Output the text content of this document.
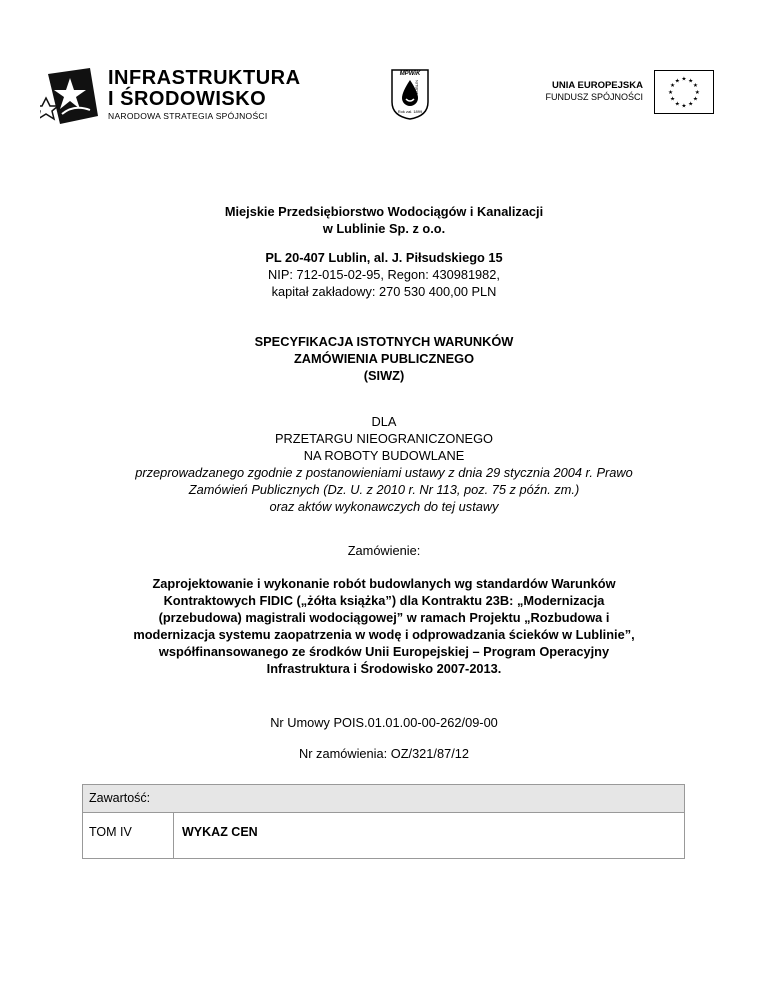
INFRASTRUKTURA
I ŚRODOWISKO
NARODOWA STRATEGIA SPÓJNOŚCI
MPWiK
LUBLIN
Rok zał. 1899
UNIA EUROPEJSKA
FUNDUSZ SPÓJNOŚCI
★ ★
★
★
★
★
★
★
★
★
★
★
Miejskie Przedsiębiorstwo Wodociągów i Kanalizacji
w Lublinie Sp. z o.o.
PL 20-407 Lublin, al. J. Piłsudskiego 15
NIP: 712-015-02-95, Regon: 430981982,
kapitał zakładowy: 270 530 400,00 PLN
SPECYFIKACJA ISTOTNYCH WARUNKÓW
ZAMÓWIENIA PUBLICZNEGO
(SIWZ)
DLA
PRZETARGU NIEOGRANICZONEGO
NA ROBOTY BUDOWLANE
przeprowadzanego zgodnie z postanowieniami ustawy z dnia 29 stycznia 2004 r. Prawo
Zamówień Publicznych (Dz. U. z 2010 r. Nr 113, poz. 75 z późn. zm.)
oraz aktów wykonawczych do tej ustawy
Zamówienie:
Zaprojektowanie i wykonanie robót budowlanych wg standardów Warunków
Kontraktowych FIDIC („żółta książka”) dla Kontraktu 23B: „Modernizacja
(przebudowa) magistrali wodociągowej” w ramach Projektu „Rozbudowa i
modernizacja systemu zaopatrzenia w wodę i odprowadzania ścieków w Lublinie”,
współfinansowanego ze środków Unii Europejskiej – Program Operacyjny
Infrastruktura i Środowisko 2007-2013.
Nr Umowy POIS.01.01.00-00-262/09-00
Nr zamówienia: OZ/321/87/12
Zawartość:
TOM IV	WYKAZ CEN
